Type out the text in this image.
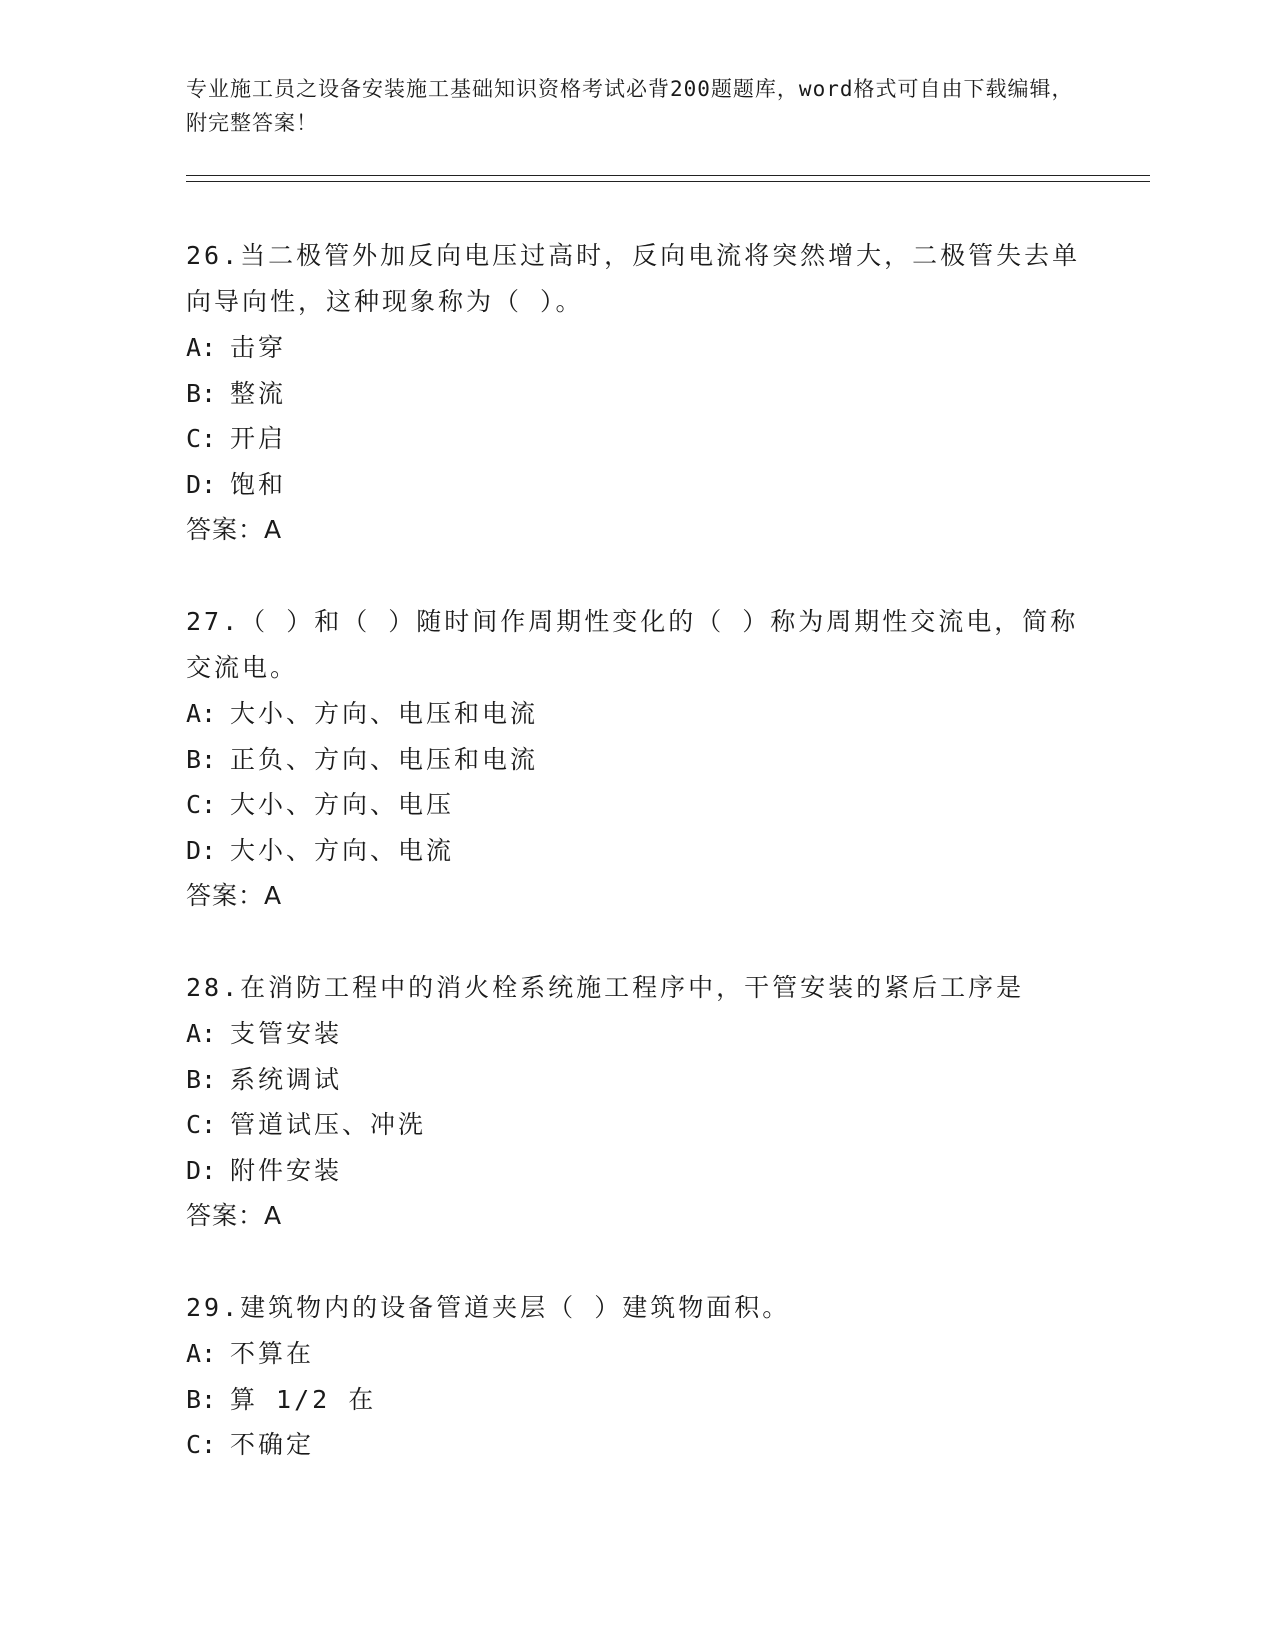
专业施工员之设备安装施工基础知识资格考试必背200题题库，word格式可自由下载编辑，附完整答案！
26.当二极管外加反向电压过高时，反向电流将突然增大，二极管失去单向导向性，这种现象称为（ ）。
A: 击穿
B: 整流
C: 开启
D: 饱和
答案：A
27.（ ）和（ ）随时间作周期性变化的（ ）称为周期性交流电，简称交流电。
A: 大小、方向、电压和电流
B: 正负、方向、电压和电流
C: 大小、方向、电压
D: 大小、方向、电流
答案：A
28.在消防工程中的消火栓系统施工程序中，干管安装的紧后工序是
A: 支管安装
B: 系统调试
C: 管道试压、冲洗
D: 附件安装
答案：A
29.建筑物内的设备管道夹层（ ）建筑物面积。
A: 不算在
B: 算 1/2 在
C: 不确定
